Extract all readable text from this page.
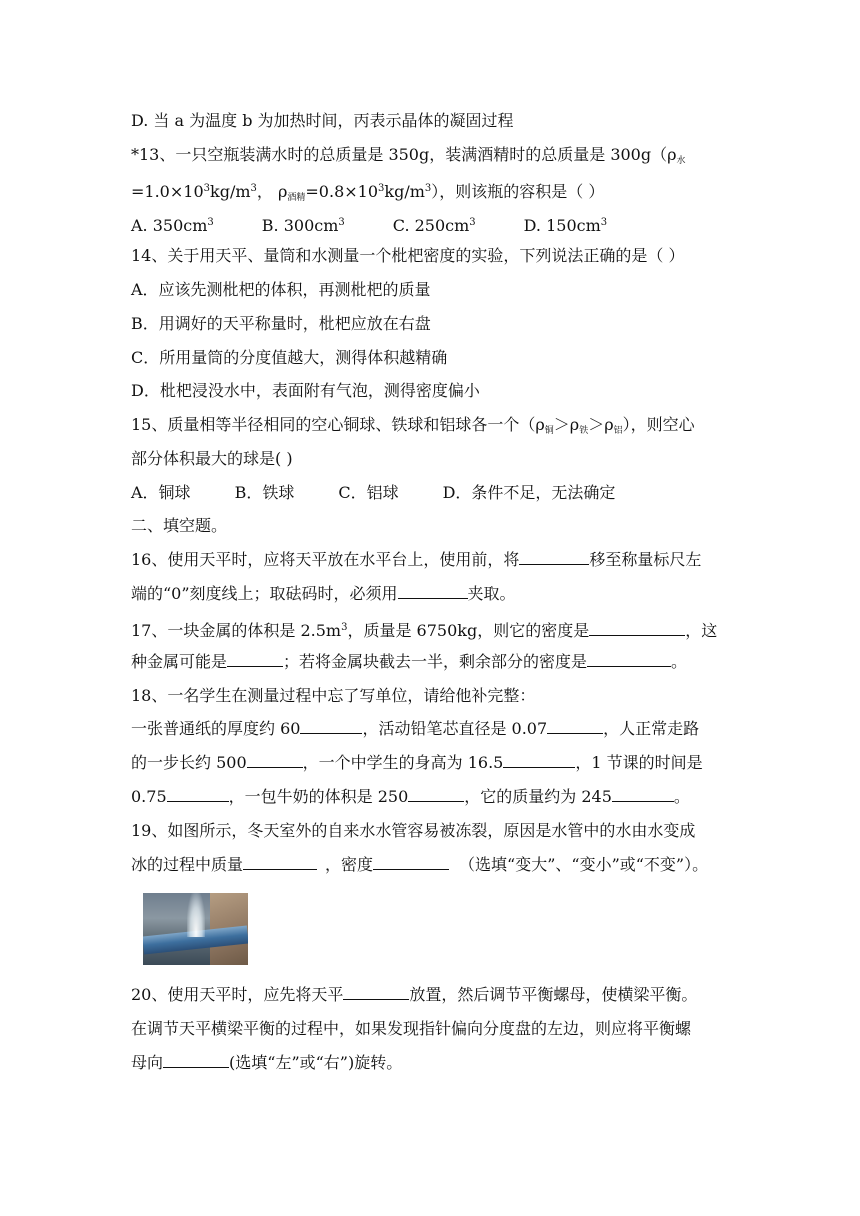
D. 当 a 为温度 b 为加热时间，丙表示晶体的凝固过程
*13、一只空瓶装满水时的总质量是 350g，装满酒精时的总质量是 $300g(\rho_水$
$=1.0\times 10^3kg/m^3$， $\rho_{酒精}=0.8\times 10^3kg/m^3$），则该瓶的容积是（ ）
A. $350cm^3$	B. $300cm^3$	C. $250cm^3$	D. $150cm^3$
14、关于用天平、量筒和水测量一个枇杷密度的实验，下列说法正确的是（ ）
A．应该先测枇杷的体积，再测枇杷的质量
B．用调好的天平称量时，枇杷应放在右盘
C．所用量筒的分度值越大，测得体积越精确
D．枇杷浸没水中，表面附有气泡，测得密度偏小
15、质量相等半径相同的空心铜球、铁球和铝球各一个$(\rho_铜>\rho_铁>\rho_铝)$，则空心
部分体积最大的球是( )
A．铜球	B．铁球	C．铝球	D．条件不足，无法确定
二、填空题。
16、使用天平时，应将天平放在水平台上，使用前，将	移至称量标尺左
端的“0”刻度线上；取砝码时，必须用	夹取。
17、一块金属的体积是 $2.5m^3$，质量是 6750kg，则它的密度是	，这
种金属可能是	；若将金属块截去一半，剩余部分的密度是	。
18、一名学生在测量过程中忘了写单位，请给他补完整：
一张普通纸的厚度约 60	，活动铅笔芯直径是 0.07	，人正常走路
的一步长约 500	，一个中学生的身高为 16.5	，1 节课的时间是
0.75	，一包牛奶的体积是 250	，它的质量约为 245	。
19、如图所示，冬天室外的自来水水管容易被冻裂，原因是水管中的水由水变成
冰的过程中质量	，密度	（选填“变大”、“变小”或“不变”）。
20、使用天平时，应先将天平	放置，然后调节平衡螺母，使横梁平衡。
在调节天平横梁平衡的过程中，如果发现指针偏向分度盘的左边，则应将平衡螺
母向	(选填“左”或“右”)旋转。
